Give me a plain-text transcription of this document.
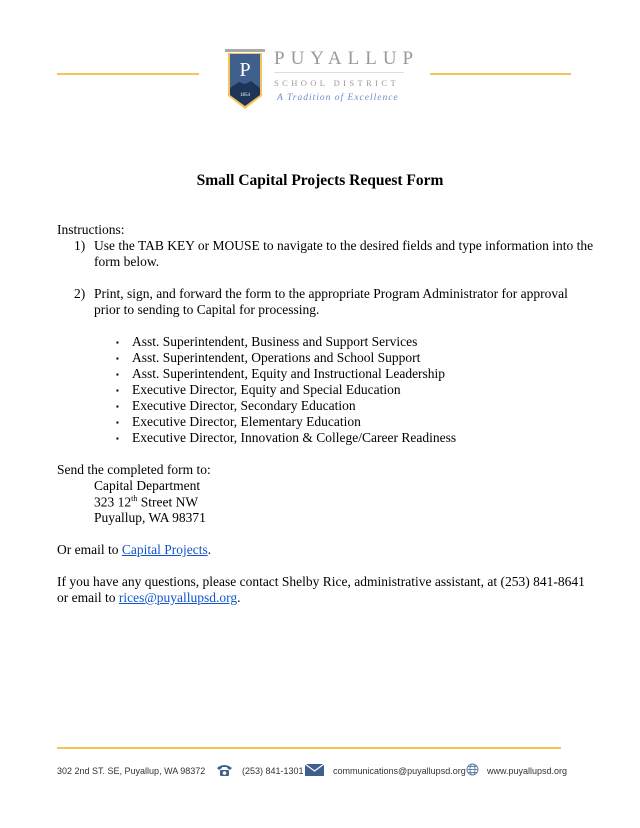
P
1854
PUYALLUP
SCHOOL DISTRICT
A Tradition of Excellence
Small Capital Projects Request Form
Instructions:
1) Use the TAB KEY or MOUSE to navigate to the desired fields and type information into the
form below.
2) Print, sign, and forward the form to the appropriate Program Administrator for approval
prior to sending to Capital for processing.
▪ Asst. Superintendent, Business and Support Services
▪ Asst. Superintendent, Operations and School Support
▪ Asst. Superintendent, Equity and Instructional Leadership
▪ Executive Director, Equity and Special Education
▪ Executive Director, Secondary Education
▪ Executive Director, Elementary Education
▪ Executive Director, Innovation & College/Career Readiness
Send the completed form to:
Capital Department
323 12th Street NW
Puyallup, WA 98371
Or email to Capital Projects.
If you have any questions, please contact Shelby Rice, administrative assistant, at (253) 841-8641
or email to rices@puyallupsd.org.
302 2nd ST. SE, Puyallup, WA 98372	(253) 841-1301	communications@puyallupsd.org www.puyallupsd.org
